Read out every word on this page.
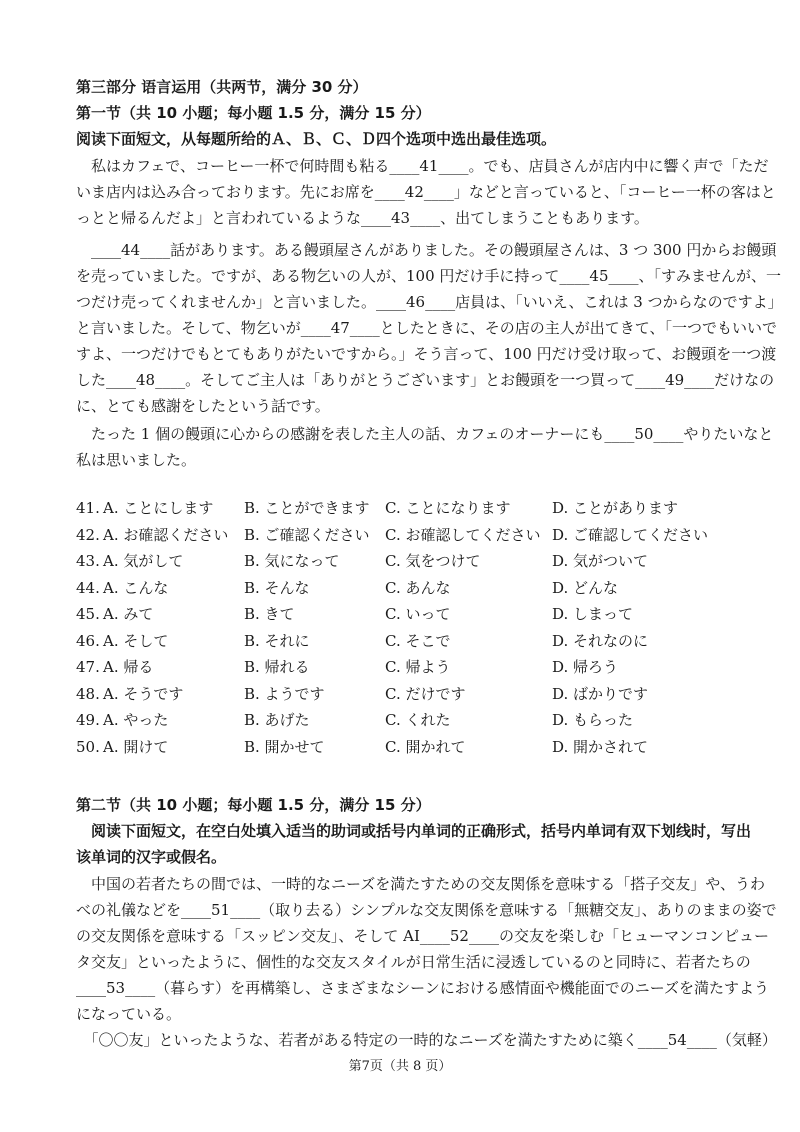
第三部分 语言运用（共两节，满分 30 分）
第一节（共 10 小题；每小题 1.5 分，满分 15 分）
阅读下面短文，从每题所给的Ａ、Ｂ、Ｃ、Ｄ四个选项中选出最佳选项。
　私はカフェで、コーヒー一杯で何時間も粘る____41____。でも、店員さんが店内中に響く声で「ただ
いま店内は込み合っております。先にお席を____42____」などと言っていると、「コーヒー一杯の客はと
っとと帰るんだよ」と言われているような____43____、出てしまうこともあります。
　____44____話があります。ある饅頭屋さんがありました。その饅頭屋さんは、3 つ 300 円からお饅頭
を売っていました。ですが、ある物乞いの人が、100 円だけ手に持って____45____、「すみませんが、一
つだけ売ってくれませんか」と言いました。____46____店員は、「いいえ、これは 3 つからなのですよ」
と言いました。そして、物乞いが____47____としたときに、その店の主人が出てきて、「一つでもいいで
すよ、一つだけでもとてもありがたいですから。」そう言って、100 円だけ受け取って、お饅頭を一つ渡
した____48____。そしてご主人は「ありがとうございます」とお饅頭を一つ買って____49____だけなの
に、とても感謝をしたという話です。
　たった 1 個の饅頭に心からの感謝を表した主人の話、カフェのオーナーにも____50____やりたいなと
私は思いました。
41. A. ことにします B. ことができます C. ことになります	D. ことがあります
42. A. お確認ください B. ご確認ください C. お確認してください D. ご確認してください
43. A. 気がして	B. 気になって	C. 気をつけて	D. 気がついて
44. A. こんな	B. そんな	C. あんな	D. どんな
45. A. みて	B. きて	C. いって	D. しまって
46. A. そして	B. それに	C. そこで	D. それなのに
47. A. 帰る	B. 帰れる	C. 帰よう	D. 帰ろう
48. A. そうです	B. ようです	C. だけです	D. ばかりです
49. A. やった	B. あげた	C. くれた	D. もらった
50. A. 開けて	B. 開かせて	C. 開かれて	D. 開かされて
第二节（共 10 小题；每小题 1.5 分，满分 15 分）
　阅读下面短文，在空白处填入适当的助词或括号内单词的正确形式，括号内单词有双下划线时，写出
该单词的汉字或假名。
　中国の若者たちの間では、一時的なニーズを満たすための交友関係を意味する「搭子交友」や、うわ
べの礼儀などを____51____（取り去る）シンプルな交友関係を意味する「無糖交友」、ありのままの姿で
の交友関係を意味する「スッピン交友」、そして AI____52____の交友を楽しむ「ヒューマンコンピュー
タ交友」といったように、個性的な交友スタイルが日常生活に浸透しているのと同時に、若者たちの
____53____（暮らす）を再構築し、さまざまなシーンにおける感情面や機能面でのニーズを満たすよう
になっている。
　「〇〇友」といったような、若者がある特定の一時的なニーズを満たすために築く____54____（気軽）
第7页（共 8 页）
